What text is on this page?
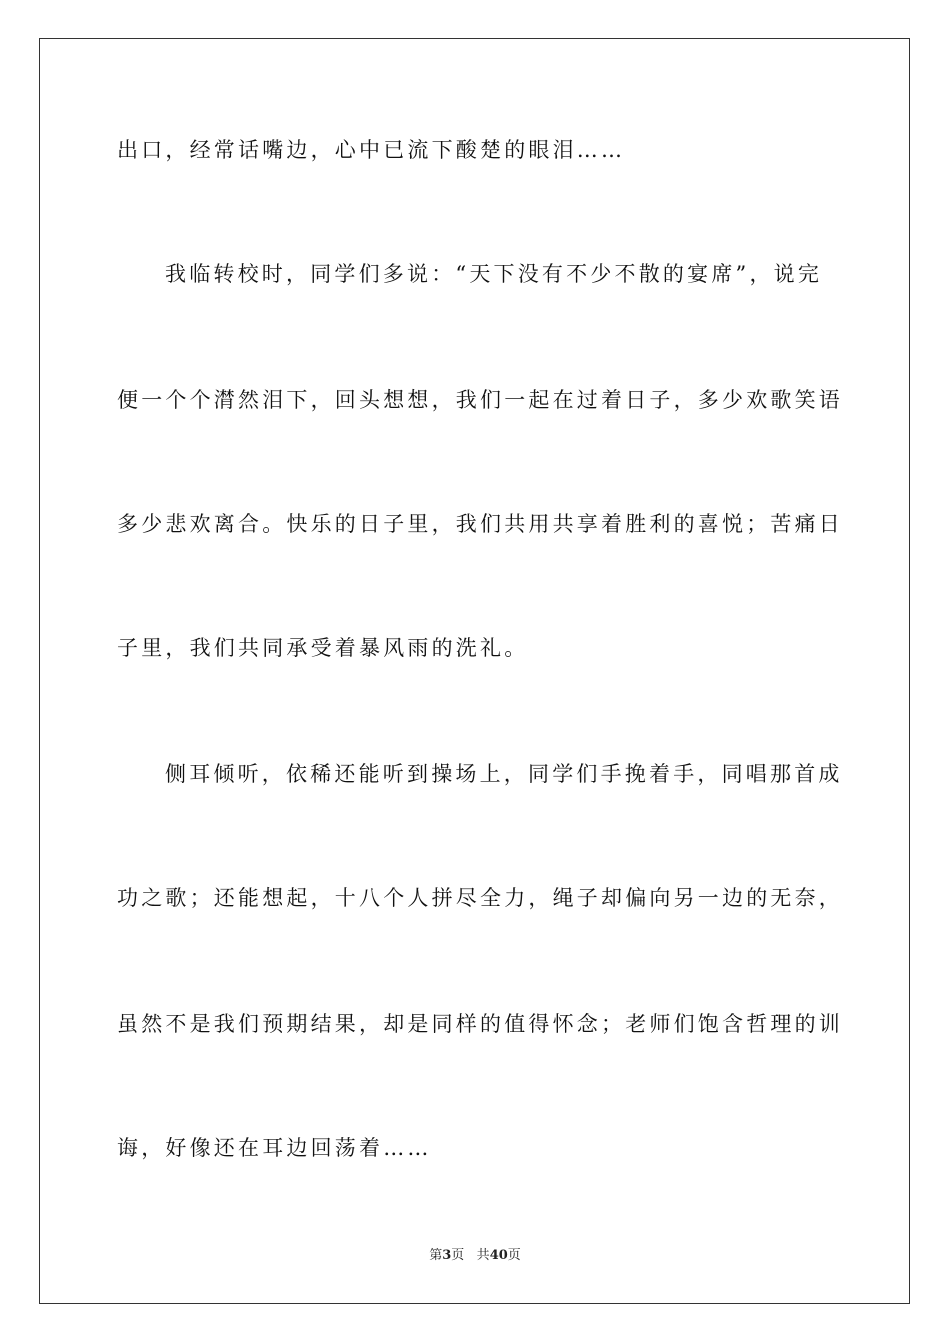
出口，经常话嘴边，心中已流下酸楚的眼泪……
我临转校时，同学们多说：“天下没有不少不散的宴席”，说完
便一个个潸然泪下，回头想想，我们一起在过着日子，多少欢歌笑语
多少悲欢离合。快乐的日子里，我们共用共享着胜利的喜悦；苦痛日
子里，我们共同承受着暴风雨的洗礼。
侧耳倾听，依稀还能听到操场上，同学们手挽着手，同唱那首成
功之歌；还能想起，十八个人拼尽全力，绳子却偏向另一边的无奈，
虽然不是我们预期结果，却是同样的值得怀念；老师们饱含哲理的训
诲，好像还在耳边回荡着……
第3页 共40页
